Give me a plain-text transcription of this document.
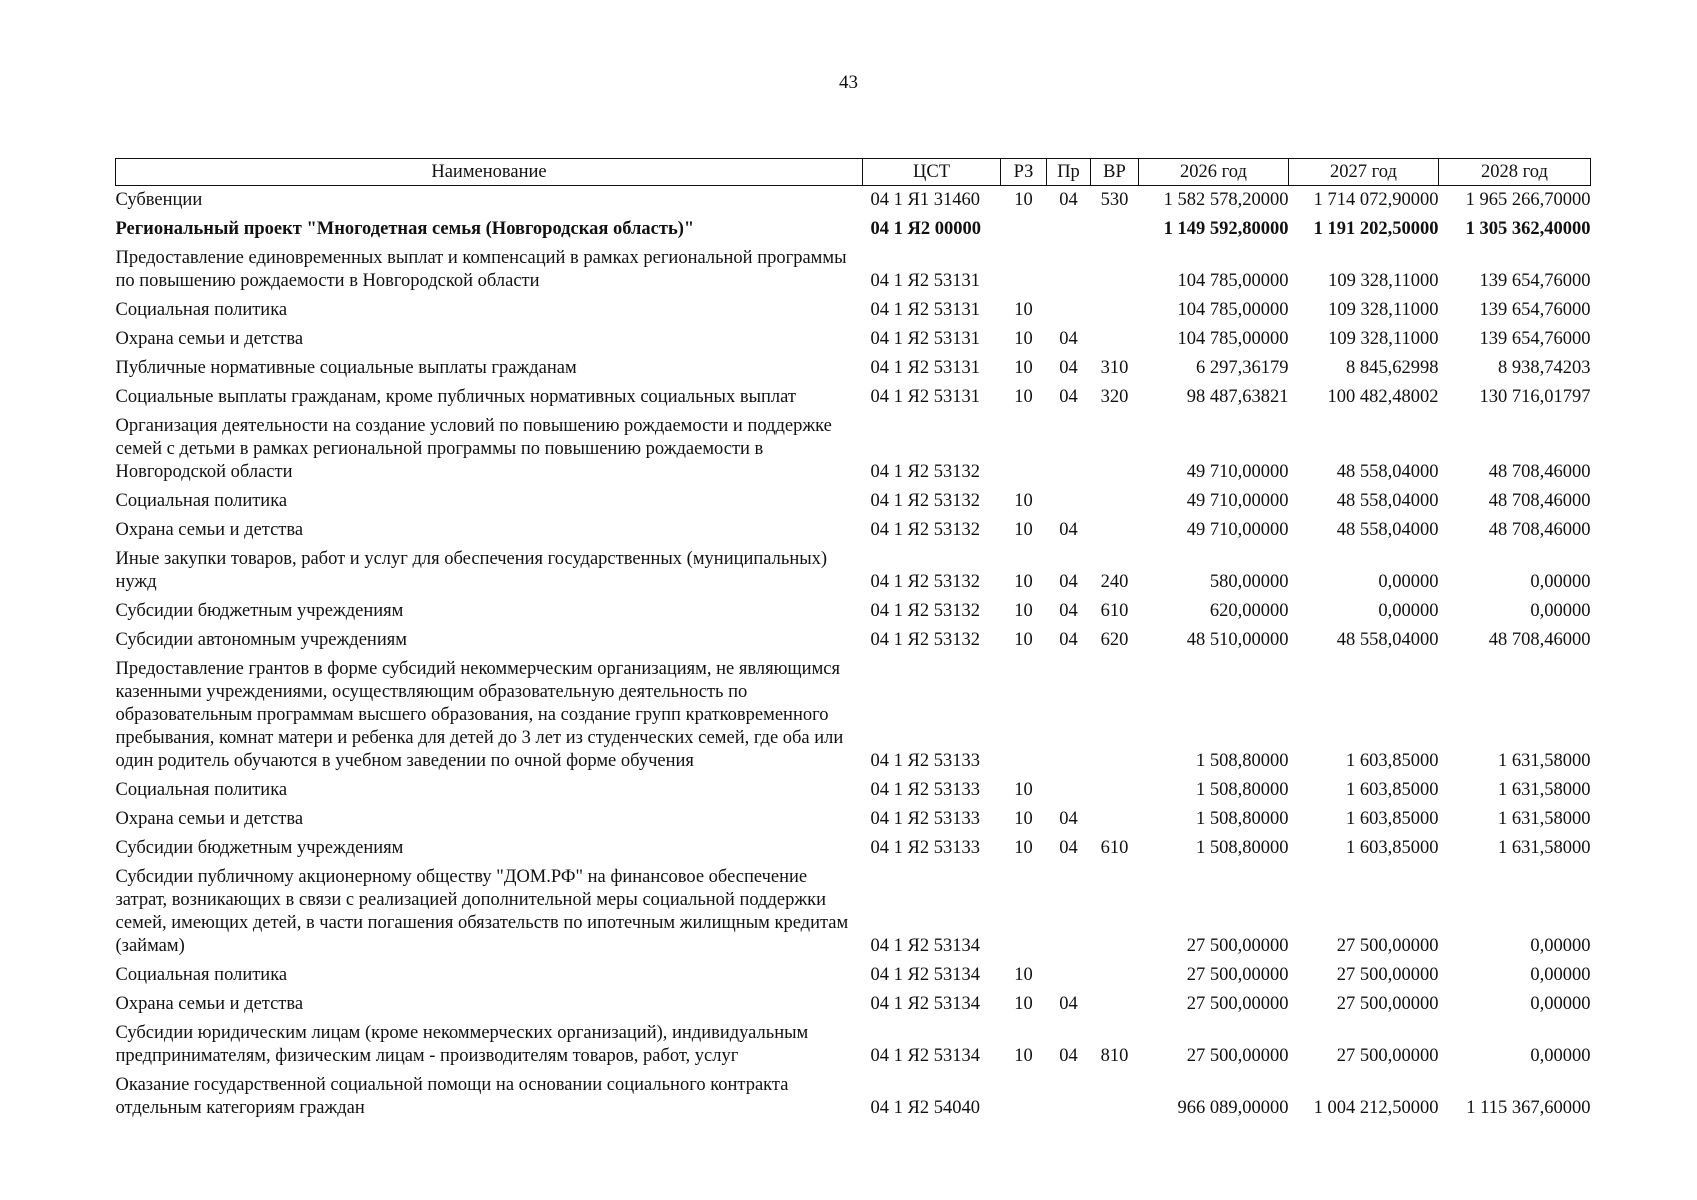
43
Наименование	ЦСТ	РЗ	Пр	ВР	2026 год	2027 год	2028 год
Субвенции	04 1 Я1 31460	10	04	530	1 582 578,20000	1 714 072,90000	1 965 266,70000
Региональный проект "Многодетная семья (Новгородская область)"	04 1 Я2 00000				1 149 592,80000	1 191 202,50000	1 305 362,40000
Предоставление единовременных выплат и компенсаций в рамках региональной программы по повышению рождаемости в Новгородской области	04 1 Я2 53131				104 785,00000	109 328,11000	139 654,76000
Социальная политика	04 1 Я2 53131	10			104 785,00000	109 328,11000	139 654,76000
Охрана семьи и детства	04 1 Я2 53131	10	04		104 785,00000	109 328,11000	139 654,76000
Публичные нормативные социальные выплаты гражданам	04 1 Я2 53131	10	04	310	6 297,36179	8 845,62998	8 938,74203
Социальные выплаты гражданам, кроме публичных нормативных социальных выплат	04 1 Я2 53131	10	04	320	98 487,63821	100 482,48002	130 716,01797
Организация деятельности на создание условий по повышению рождаемости и поддержке семей с детьми в рамках региональной программы по повышению рождаемости в Новгородской области	04 1 Я2 53132				49 710,00000	48 558,04000	48 708,46000
Социальная политика	04 1 Я2 53132	10			49 710,00000	48 558,04000	48 708,46000
Охрана семьи и детства	04 1 Я2 53132	10	04		49 710,00000	48 558,04000	48 708,46000
Иные закупки товаров, работ и услуг для обеспечения государственных (муниципальных) нужд	04 1 Я2 53132	10	04	240	580,00000	0,00000	0,00000
Субсидии бюджетным учреждениям	04 1 Я2 53132	10	04	610	620,00000	0,00000	0,00000
Субсидии автономным учреждениям	04 1 Я2 53132	10	04	620	48 510,00000	48 558,04000	48 708,46000
Предоставление грантов в форме субсидий некоммерческим организациям, не являющимся казенными учреждениями, осуществляющим образовательную деятельность по образовательным программам высшего образования, на создание групп кратковременного пребывания, комнат матери и ребенка для детей до 3 лет из студенческих семей, где оба или один родитель обучаются в учебном заведении по очной форме обучения	04 1 Я2 53133				1 508,80000	1 603,85000	1 631,58000
Социальная политика	04 1 Я2 53133	10			1 508,80000	1 603,85000	1 631,58000
Охрана семьи и детства	04 1 Я2 53133	10	04		1 508,80000	1 603,85000	1 631,58000
Субсидии бюджетным учреждениям	04 1 Я2 53133	10	04	610	1 508,80000	1 603,85000	1 631,58000
Субсидии публичному акционерному обществу "ДОМ.РФ" на финансовое обеспечение затрат, возникающих в связи с реализацией дополнительной меры социальной поддержки семей, имеющих детей, в части погашения обязательств по ипотечным жилищным кредитам (займам)	04 1 Я2 53134				27 500,00000	27 500,00000	0,00000
Социальная политика	04 1 Я2 53134	10			27 500,00000	27 500,00000	0,00000
Охрана семьи и детства	04 1 Я2 53134	10	04		27 500,00000	27 500,00000	0,00000
Субсидии юридическим лицам (кроме некоммерческих организаций), индивидуальным предпринимателям, физическим лицам - производителям товаров, работ, услуг	04 1 Я2 53134	10	04	810	27 500,00000	27 500,00000	0,00000
Оказание государственной социальной помощи на основании социального контракта отдельным категориям граждан	04 1 Я2 54040				966 089,00000	1 004 212,50000	1 115 367,60000
